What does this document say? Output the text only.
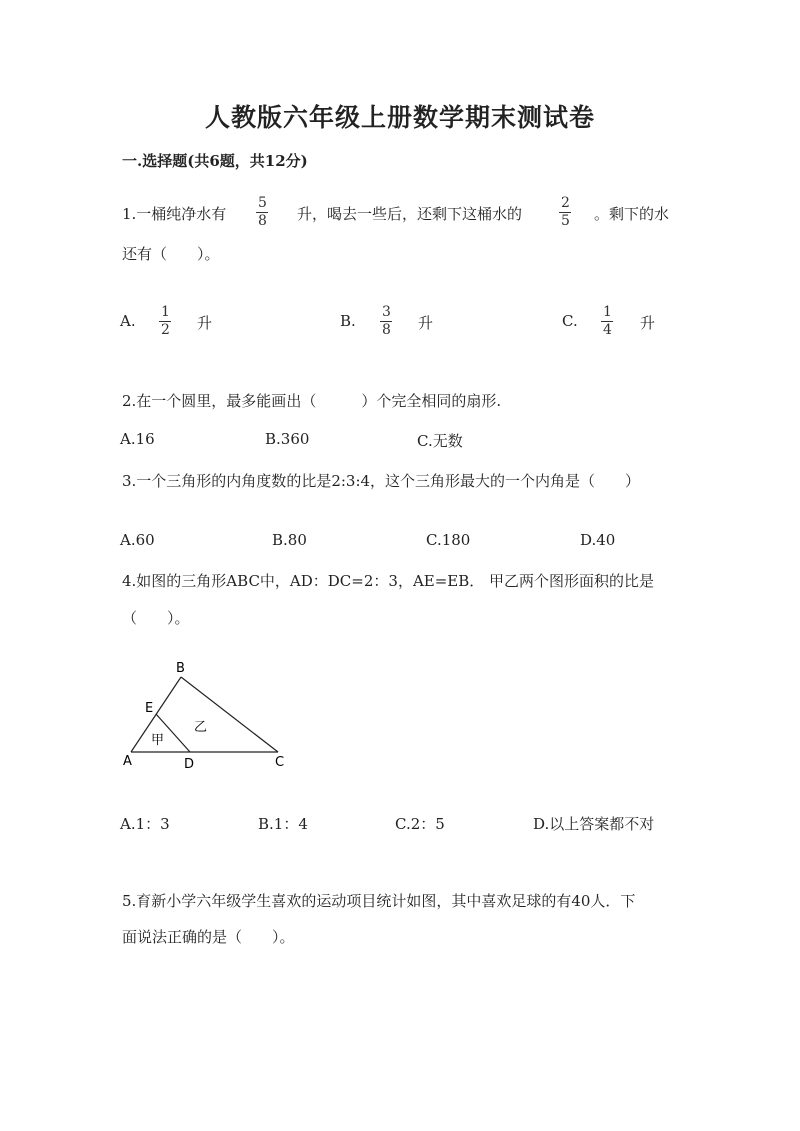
人教版六年级上册数学期末测试卷
一.选择题(共6题，共12分)
1.一桶纯净水有
5
8 升，喝去一些后，还剩下这桶水的
2
5 。剩下的水
还有（　　）。
A. 1
2 升	B. 3
8 升	C. 1
4 升
2.在一个圆里，最多能画出（　　　）个完全相同的扇形.
A.16	B.360	C.无数
3.一个三角形的内角度数的比是2:3:4，这个三角形最大的一个内角是（　　）
A.60	B.80	C.180	D.40
4.如图的三角形ABC中，AD：DC=2：3，AE=EB． 甲乙两个图形面积的比是
（　　）。
B
E
A	D	C
甲
乙
A.1：3	B.1：4	C.2：5	D.以上答案都不对
5.育新小学六年级学生喜欢的运动项目统计如图，其中喜欢足球的有40人．下
面说法正确的是（　　）。
